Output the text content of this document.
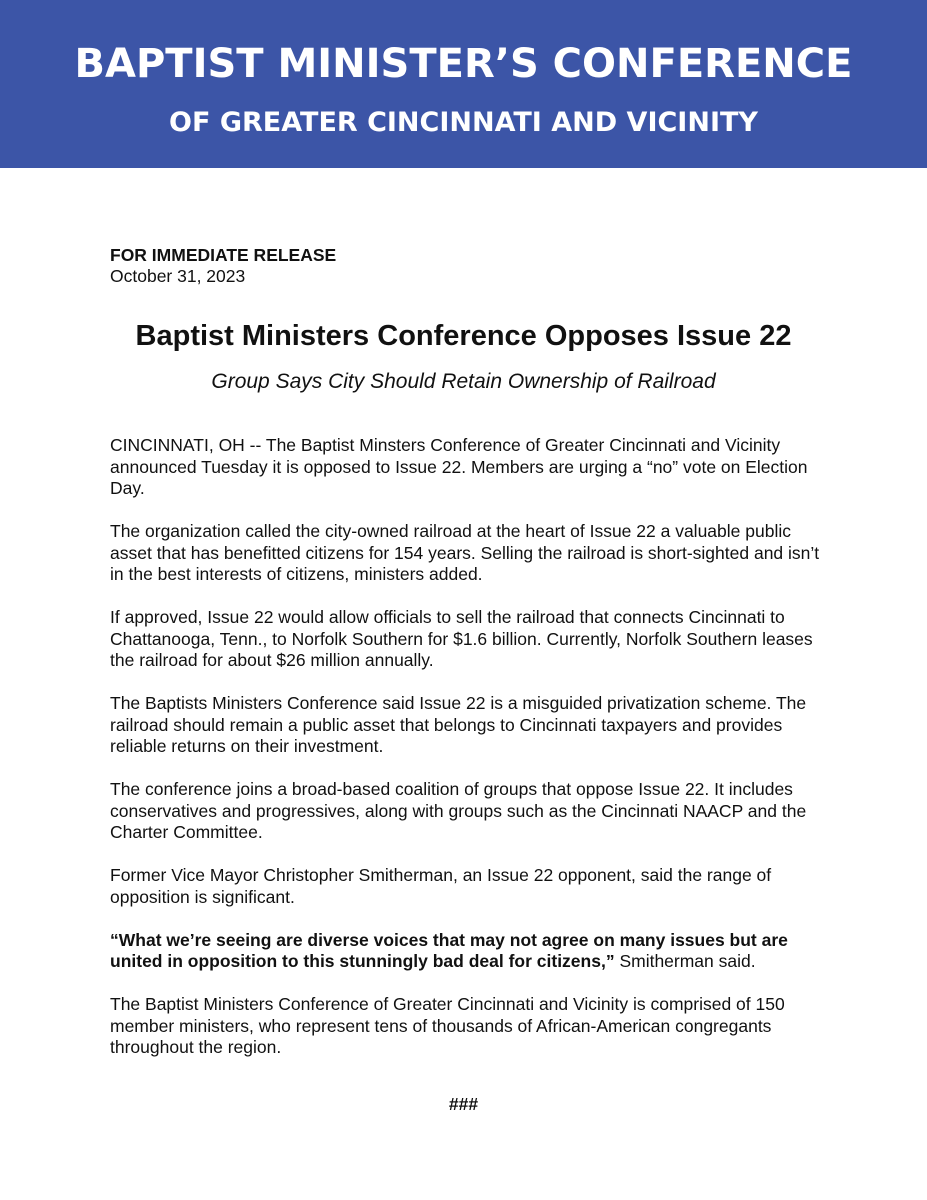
BAPTIST MINISTER’S CONFERENCE
OF GREATER CINCINNATI AND VICINITY
FOR IMMEDIATE RELEASE
October 31, 2023
Baptist Ministers Conference Opposes Issue 22
Group Says City Should Retain Ownership of Railroad

CINCINNATI, OH -- The Baptist Minsters Conference of Greater Cincinnati and Vicinity announced Tuesday it is opposed to Issue 22. Members are urging a “no” vote on Election Day.

The organization called the city-owned railroad at the heart of Issue 22 a valuable public asset that has benefitted citizens for 154 years. Selling the railroad is short-sighted and isn’t in the best interests of citizens, ministers added.

If approved, Issue 22 would allow officials to sell the railroad that connects Cincinnati to Chattanooga, Tenn., to Norfolk Southern for $1.6 billion. Currently, Norfolk Southern leases the railroad for about $26 million annually.

The Baptists Ministers Conference said Issue 22 is a misguided privatization scheme. The railroad should remain a public asset that belongs to Cincinnati taxpayers and provides reliable returns on their investment.

The conference joins a broad-based coalition of groups that oppose Issue 22. It includes conservatives and progressives, along with groups such as the Cincinnati NAACP and the Charter Committee.

Former Vice Mayor Christopher Smitherman, an Issue 22 opponent, said the range of opposition is significant.

“What we’re seeing are diverse voices that may not agree on many issues but are united in opposition to this stunningly bad deal for citizens,” Smitherman said.

The Baptist Ministers Conference of Greater Cincinnati and Vicinity is comprised of 150 member ministers, who represent tens of thousands of African-American congregants throughout the region.

###
